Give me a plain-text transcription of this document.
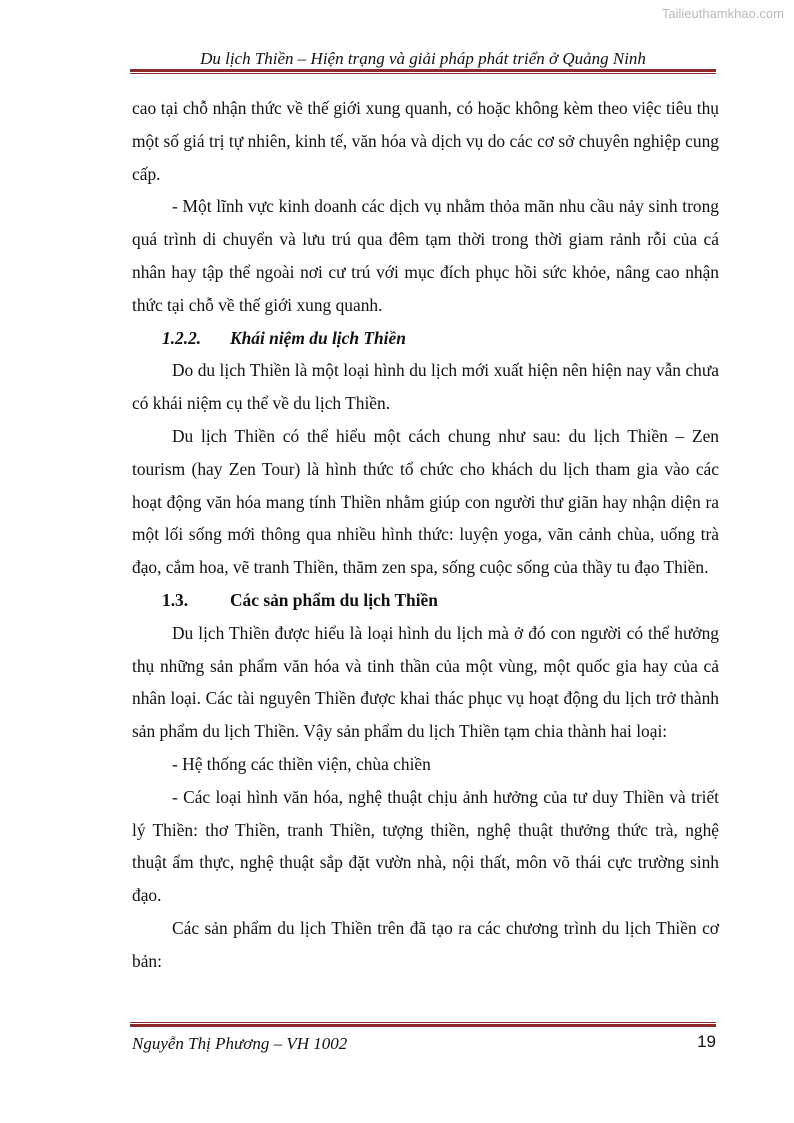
Tailieuthamkhao.com
Du lịch Thiền – Hiện trạng và giải pháp phát triển ở Quảng Ninh

cao tại chỗ nhận thức về thế giới xung quanh, có hoặc không kèm theo việc tiêu thụ một số giá trị tự nhiên, kinh tế, văn hóa và dịch vụ do các cơ sở chuyên nghiệp cung cấp.

- Một lĩnh vực kinh doanh các dịch vụ nhằm thỏa mãn nhu cầu nảy sinh trong quá trình di chuyển và lưu trú qua đêm tạm thời trong thời giam rảnh rỗi của cá nhân hay tập thể ngoài nơi cư trú với mục đích phục hồi sức khỏe, nâng cao nhận thức tại chỗ về thế giới xung quanh.

1.2.2. Khái niệm du lịch Thiền

Do du lịch Thiền là một loại hình du lịch mới xuất hiện nên hiện nay vẫn chưa có khái niệm cụ thể về du lịch Thiền.

Du lịch Thiền có thể hiểu một cách chung như sau: du lịch Thiền – Zen tourism (hay Zen Tour) là hình thức tổ chức cho khách du lịch tham gia vào các hoạt động văn hóa mang tính Thiền nhằm giúp con người thư giãn hay nhận diện ra một lối sống mới thông qua nhiều hình thức: luyện yoga, vãn cảnh chùa, uống trà đạo, cắm hoa, vẽ tranh Thiền, thăm zen spa, sống cuộc sống của thầy tu đạo Thiền.

1.3. Các sản phẩm du lịch Thiền

Du lịch Thiền được hiểu là loại hình du lịch mà ở đó con người có thể hưởng thụ những sản phẩm văn hóa và tinh thần của một vùng, một quốc gia hay của cả nhân loại. Các tài nguyên Thiền được khai thác phục vụ hoạt động du lịch trở thành sản phẩm du lịch Thiền. Vậy sản phẩm du lịch Thiền tạm chia thành hai loại:

- Hệ thống các thiền viện, chùa chiền

- Các loại hình văn hóa, nghệ thuật chịu ảnh hưởng của tư duy Thiền và triết lý Thiền: thơ Thiền, tranh Thiền, tượng thiền, nghệ thuật thưởng thức trà, nghệ thuật ẩm thực, nghệ thuật sắp đặt vườn nhà, nội thất, môn võ thái cực trường sinh đạo.

Các sản phẩm du lịch Thiền trên đã tạo ra các chương trình du lịch Thiền cơ bản:

Nguyễn Thị Phương – VH 1002	19
